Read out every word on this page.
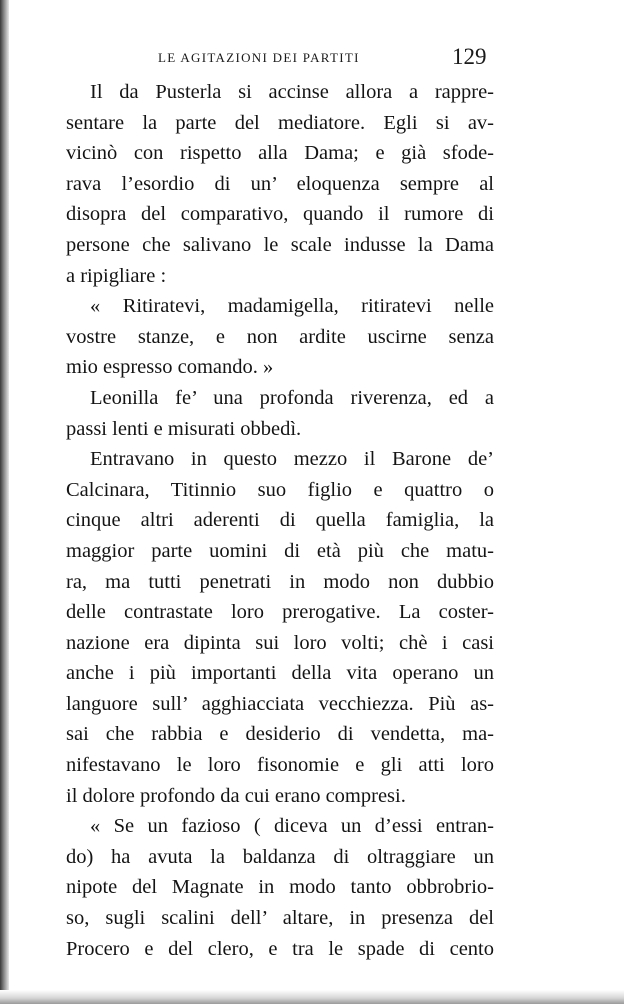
LE AGITAZIONI DEI PARTITI	129
Il da Pusterla si accinse allora a rappre-
sentare la parte del mediatore. Egli si av-
vicinò con rispetto alla Dama; e già sfode-
rava l’esordio di un’ eloquenza sempre al
disopra del comparativo, quando il rumore di
persone che salivano le scale indusse la Dama
a ripigliare :
« Ritiratevi, madamigella, ritiratevi nelle
vostre stanze, e non ardite uscirne senza
mio espresso comando. »
Leonilla fe’ una profonda riverenza, ed a
passi lenti e misurati obbedì.
Entravano in questo mezzo il Barone de’
Calcinara, Titinnio suo figlio e quattro o
cinque altri aderenti di quella famiglia, la
maggior parte uomini di età più che matu-
ra, ma tutti penetrati in modo non dubbio
delle contrastate loro prerogative. La coster-
nazione era dipinta sui loro volti; chè i casi
anche i più importanti della vita operano un
languore sull’ agghiacciata vecchiezza. Più as-
sai che rabbia e desiderio di vendetta, ma-
nifestavano le loro fisonomie e gli atti loro
il dolore profondo da cui erano compresi.
« Se un fazioso ( diceva un d’essi entran-
do) ha avuta la baldanza di oltraggiare un
nipote del Magnate in modo tanto obbrobrio-
so, sugli scalini dell’ altare, in presenza del
Procero e del clero, e tra le spade di cento
